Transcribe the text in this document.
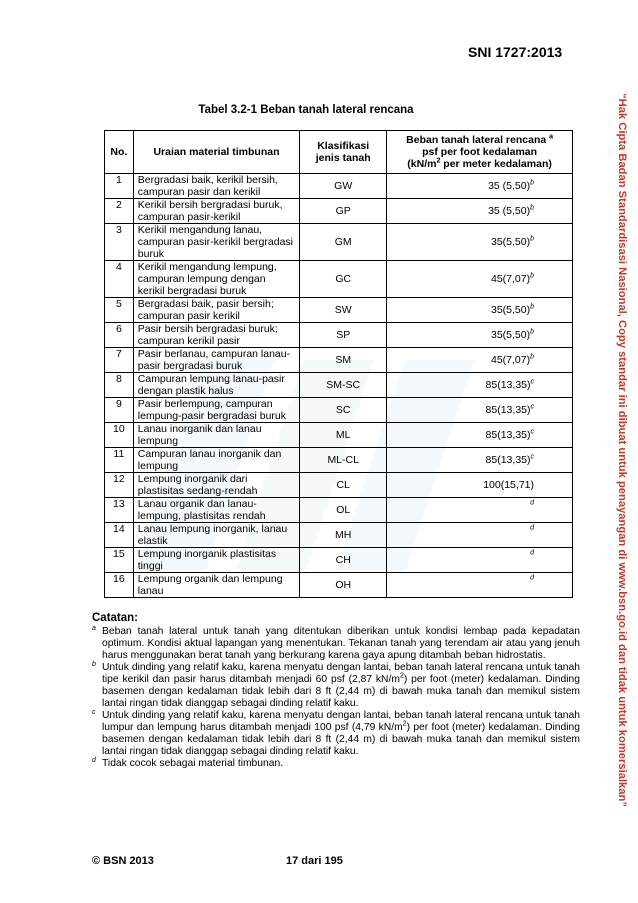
SNI 1727:2013
“Hak Cipta Badan Standardisasi Nasional, Copy standar ini dibuat untuk penayangan di www.bsn.go.id dan tidak untuk komersialkan”
Tabel 3.2-1 Beban tanah lateral rencana
No.	Uraian material timbunan	Klasifikasi jenis tanah	Beban tanah lateral rencana $^a$
psf per foot kedalaman
($kN/m^2$ per meter kedalaman)
1	Bergradasi baik, kerikil bersih, campuran pasir dan kerikil	GW	35 $(5,50)^b$
2	Kerikil bersih bergradasi buruk, campuran pasir-kerikil	GP	35 $(5,50)^b$
3	Kerikil mengandung lanau, campuran pasir-kerikil bergradasi buruk	GM	$35(5,50)^b$
4	Kerikil mengandung lempung, campuran lempung dengan kerikil bergradasi buruk	GC	$45(7,07)^b$
5	Bergradasi baik, pasir bersih; campuran pasir kerikil	SW	$35(5,50)^b$
6	Pasir bersih bergradasi buruk; campuran kerikil pasir	SP	$35(5,50)^b$
7	Pasir berlanau, campuran lanau-pasir bergradasi buruk	SM	$45(7,07)^b$
8	Campuran lempung lanau-pasir dengan plastik halus	SM-SC	$85(13,35)^c$
9	Pasir berlempung, campuran lempung-pasir bergradasi buruk	SC	$85(13,35)^c$
10	Lanau inorganik dan lanau lempung	ML	$85(13,35)^c$
11	Campuran lanau inorganik dan lempung	ML-CL	$85(13,35)^c$
12	Lempung inorganik dari plastisitas sedang-rendah	CL	100(15,71)
13	Lanau organik dan lanau-lempung, plastisitas rendah	OL	$^d$
14	Lanau lempung inorganik, lanau elastik	MH	$^d$
15	Lempung inorganik plastisitas tinggi	CH	$^d$
16	Lempung organik dan lempung lanau	OH	$^d$
Catatan:

a Beban tanah lateral untuk tanah yang ditentukan diberikan untuk kondisi lembap pada kepadatan optimum. Kondisi aktual lapangan yang menentukan. Tekanan tanah yang terendam air atau yang jenuh harus menggunakan berat tanah yang berkurang karena gaya apung ditambah beban hidrostatis.

b Untuk dinding yang relatif kaku, karena menyatu dengan lantai, beban tanah lateral rencana untuk tanah tipe kerikil dan pasir harus ditambah menjadi 60 psf (2,87 $kN/m^2$) per foot (meter) kedalaman. Dinding basemen dengan kedalaman tidak lebih dari 8 ft (2,44 m) di bawah muka tanah dan memikul sistem lantai ringan tidak dianggap sebagai dinding relatif kaku.

c Untuk dinding yang relatif kaku, karena menyatu dengan lantai, beban tanah lateral rencana untuk tanah lumpur dan lempung harus ditambah menjadi 100 psf (4,79 $kN/m^2$) per foot (meter) kedalaman. Dinding basemen dengan kedalaman tidak lebih dari 8 ft (2,44 m) di bawah muka tanah dan memikul sistem lantai ringan tidak dianggap sebagai dinding relatif kaku.

d Tidak cocok sebagai material timbunan.

© BSN 2013	17 dari 195
